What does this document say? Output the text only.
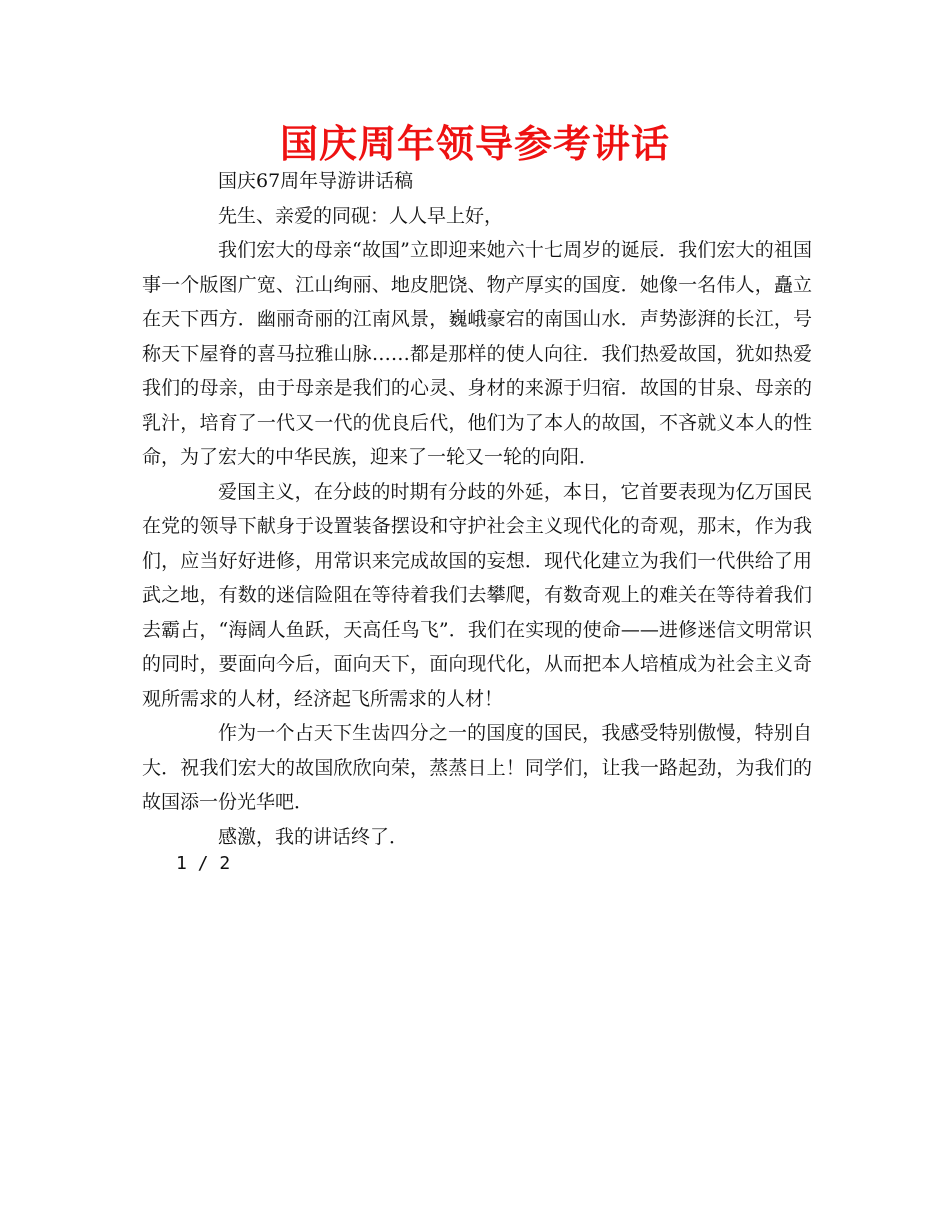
国庆周年领导参考讲话

国庆67周年导游讲话稿

先生、亲爱的同砚：人人早上好，

我们宏大的母亲“故国”立即迎来她六十七周岁的诞辰．我们宏大的祖国事一个版图广宽、江山绚丽、地皮肥饶、物产厚实的国度．她像一名伟人，矗立在天下西方．幽丽奇丽的江南风景，巍峨豪宕的南国山水．声势澎湃的长江，号称天下屋脊的喜马拉雅山脉……都是那样的使人向往．我们热爱故国，犹如热爱我们的母亲，由于母亲是我们的心灵、身材的来源于归宿．故国的甘泉、母亲的乳汁，培育了一代又一代的优良后代，他们为了本人的故国，不吝就义本人的性命，为了宏大的中华民族，迎来了一轮又一轮的向阳．

爱国主义，在分歧的时期有分歧的外延，本日，它首要表现为亿万国民在党的领导下献身于设置装备摆设和守护社会主义现代化的奇观，那末，作为我们，应当好好进修，用常识来完成故国的妄想．现代化建立为我们一代供给了用武之地，有数的迷信险阻在等待着我们去攀爬，有数奇观上的难关在等待着我们去霸占，“海阔人鱼跃，天高任鸟飞”．我们在实现的使命——进修迷信文明常识的同时，要面向今后，面向天下，面向现代化，从而把本人培植成为社会主义奇观所需求的人材，经济起飞所需求的人材！

作为一个占天下生齿四分之一的国度的国民，我感受特别傲慢，特别自大．祝我们宏大的故国欣欣向荣，蒸蒸日上！同学们，让我一路起劲，为我们的故国添一份光华吧．

感激，我的讲话终了．

1 / 2
